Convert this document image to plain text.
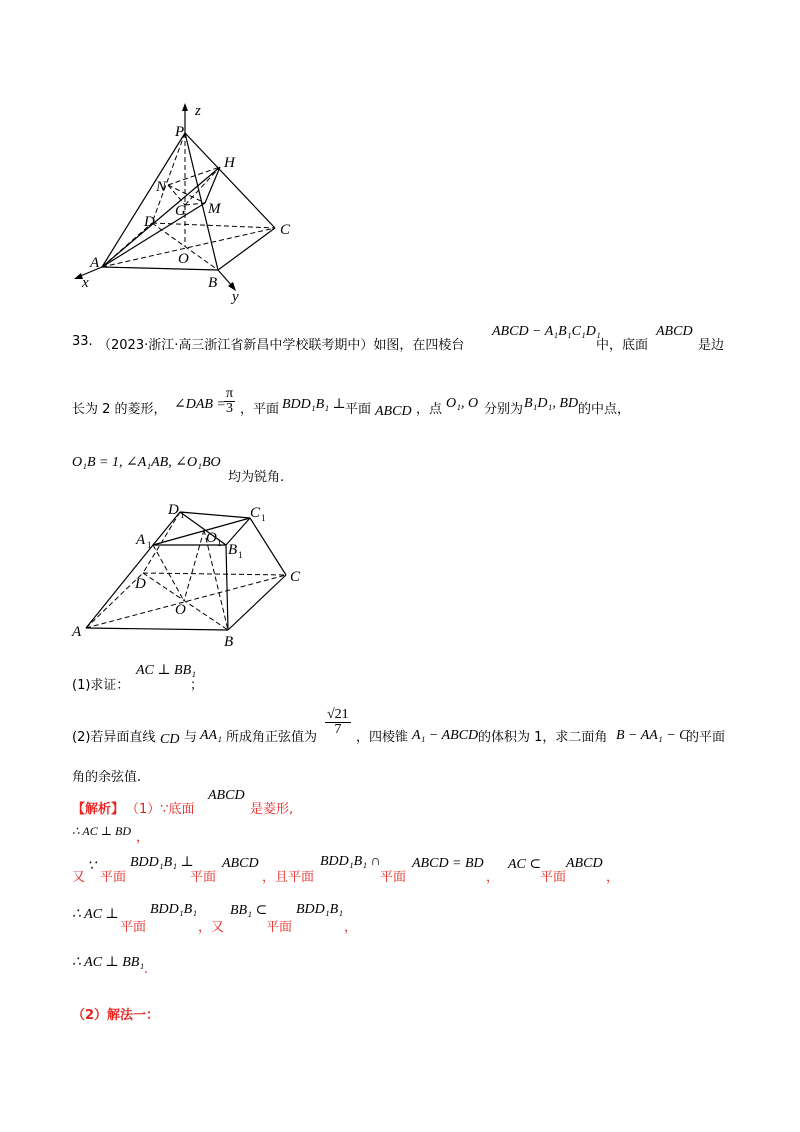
z
P
H
N
G M
D	C
A	O
B
x
y
33. （2023·浙江·高三浙江省新昌中学校联考期中）如图，在四棱台
ABCD − A₁B₁C₁D₁
中，底面
ABCD
是边
长为 2 的菱形， ∠DAB =
$\frac{\pi}{3}$ ，平面 BDD₁B₁ ⊥ 平面 ABCD ，点 O₁, O 分别为 B₁D₁, BD 的中点，
O₁B = 1, ∠A₁AB, ∠O₁BO
均为锐角.
D 1	C 1
A 1	O 1 B 1
D	C
O
A
B
(1)求证：
AC ⊥ BB₁
；
(2)若异面直线 CD 与 AA₁ 所成角正弦值为
$\frac{√21}{7}$
，四棱锥 A₁ − ABCD 的体积为 1，求二面角 B − AA₁ − C
的平面
角的余弦值.
【解析】 （1）∵底面
ABCD
是菱形,
∴ AC ⊥ BD ，
又
∵
平面
BDD₁B₁ ⊥
平面
ABCD
，且平面
BDD₁B₁ ∩
平面
ABCD = BD
，
AC ⊂
平面
ABCD
，
∴ AC ⊥
平面
BDD₁B₁
，又
BB₁ ⊂
平面
BDD₁B₁
，
∴ AC ⊥ BB₁ .
（2）解法一：
